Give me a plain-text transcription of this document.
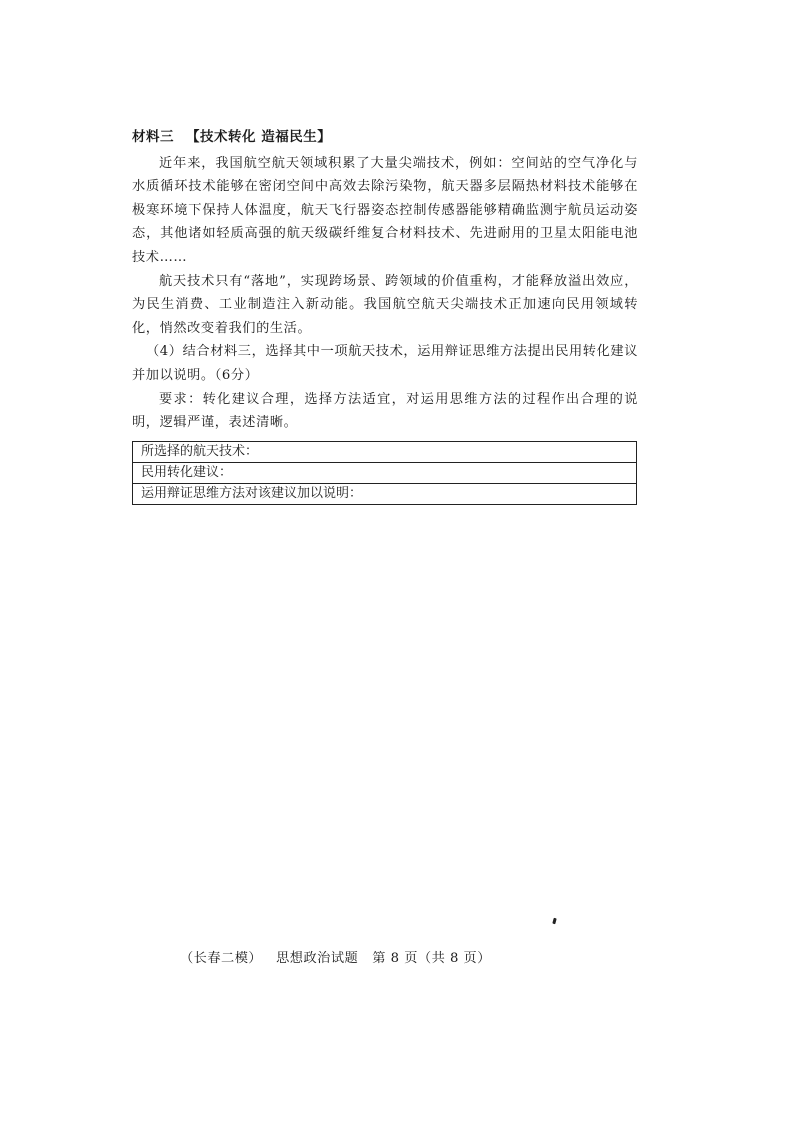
材料三 【技术转化 造福民生】

近年来，我国航空航天领域积累了大量尖端技术，例如：空间站的空气净化与水质循环技术能够在密闭空间中高效去除污染物，航天器多层隔热材料技术能够在极寒环境下保持人体温度，航天飞行器姿态控制传感器能够精确监测宇航员运动姿态，其他诸如轻质高强的航天级碳纤维复合材料技术、先进耐用的卫星太阳能电池技术……

航天技术只有“落地”，实现跨场景、跨领域的价值重构，才能释放溢出效应，为民生消费、工业制造注入新动能。我国航空航天尖端技术正加速向民用领域转化，悄然改变着我们的生活。

（4）结合材料三，选择其中一项航天技术，运用辩证思维方法提出民用转化建议并加以说明。（6分）

要求：转化建议合理，选择方法适宜，对运用思维方法的过程作出合理的说明，逻辑严谨，表述清晰。

所选择的航天技术：
民用转化建议：
运用辩证思维方法对该建议加以说明：
（长春二模） 思想政治试题 第 8 页（共 8 页）
